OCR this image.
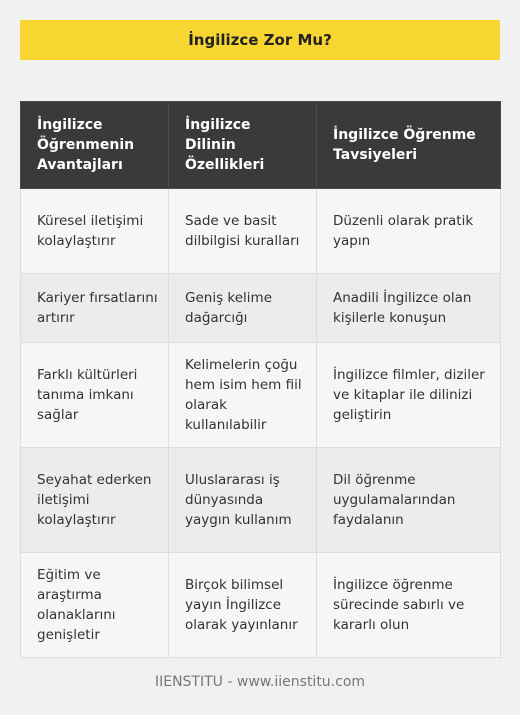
İngilizce Zor Mu?
İngilizce Öğrenmenin Avantajları	İngilizce Dilinin Özellikleri	İngilizce Öğrenme Tavsiyeleri
Küresel iletişimi kolaylaştırır	Sade ve basit dilbilgisi kuralları	Düzenli olarak pratik yapın
Kariyer fırsatlarını artırır	Geniş kelime dağarcığı	Anadili İngilizce olan kişilerle konuşun
Farklı kültürleri tanıma imkanı sağlar	Kelimelerin çoğu hem isim hem fiil olarak kullanılabilir	İngilizce filmler, diziler ve kitaplar ile dilinizi geliştirin
Seyahat ederken iletişimi kolaylaştırır	Uluslararası iş dünyasında yaygın kullanım	Dil öğrenme uygulamalarından faydalanın
Eğitim ve araştırma olanaklarını genişletir	Birçok bilimsel yayın İngilizce olarak yayınlanır	İngilizce öğrenme sürecinde sabırlı ve kararlı olun
IIENSTITU - www.iienstitu.com
